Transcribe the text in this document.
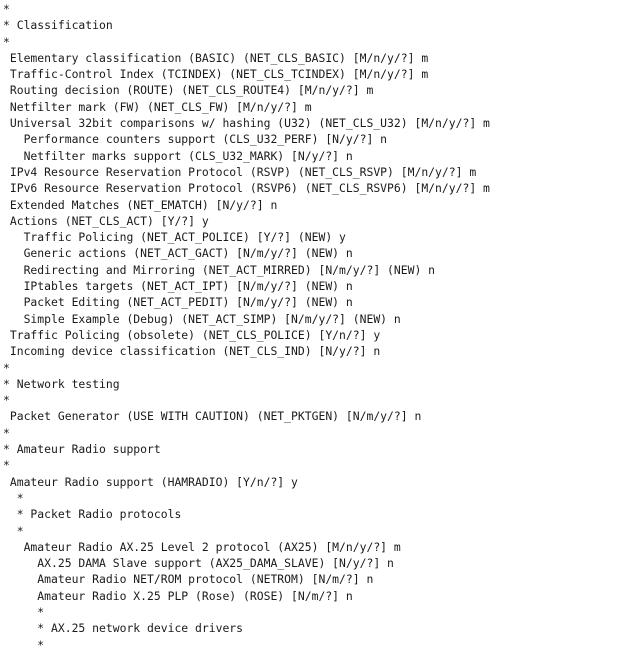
*
* Classification
*
Elementary classification (BASIC) (NET_CLS_BASIC) [M/n/y/?] m
Traffic-Control Index (TCINDEX) (NET_CLS_TCINDEX) [M/n/y/?] m
Routing decision (ROUTE) (NET_CLS_ROUTE4) [M/n/y/?] m
Netfilter mark (FW) (NET_CLS_FW) [M/n/y/?] m
Universal 32bit comparisons w/ hashing (U32) (NET_CLS_U32) [M/n/y/?] m
Performance counters support (CLS_U32_PERF) [N/y/?] n
Netfilter marks support (CLS_U32_MARK) [N/y/?] n
IPv4 Resource Reservation Protocol (RSVP) (NET_CLS_RSVP) [M/n/y/?] m
IPv6 Resource Reservation Protocol (RSVP6) (NET_CLS_RSVP6) [M/n/y/?] m
Extended Matches (NET_EMATCH) [N/y/?] n
Actions (NET_CLS_ACT) [Y/?] y
Traffic Policing (NET_ACT_POLICE) [Y/?] (NEW) y
Generic actions (NET_ACT_GACT) [N/m/y/?] (NEW) n
Redirecting and Mirroring (NET_ACT_MIRRED) [N/m/y/?] (NEW) n
IPtables targets (NET_ACT_IPT) [N/m/y/?] (NEW) n
Packet Editing (NET_ACT_PEDIT) [N/m/y/?] (NEW) n
Simple Example (Debug) (NET_ACT_SIMP) [N/m/y/?] (NEW) n
Traffic Policing (obsolete) (NET_CLS_POLICE) [Y/n/?] y
Incoming device classification (NET_CLS_IND) [N/y/?] n
*
* Network testing
*
Packet Generator (USE WITH CAUTION) (NET_PKTGEN) [N/m/y/?] n
*
* Amateur Radio support
*
Amateur Radio support (HAMRADIO) [Y/n/?] y
*
* Packet Radio protocols
*
Amateur Radio AX.25 Level 2 protocol (AX25) [M/n/y/?] m
AX.25 DAMA Slave support (AX25_DAMA_SLAVE) [N/y/?] n
Amateur Radio NET/ROM protocol (NETROM) [N/m/?] n
Amateur Radio X.25 PLP (Rose) (ROSE) [N/m/?] n
*
* AX.25 network device drivers
*
